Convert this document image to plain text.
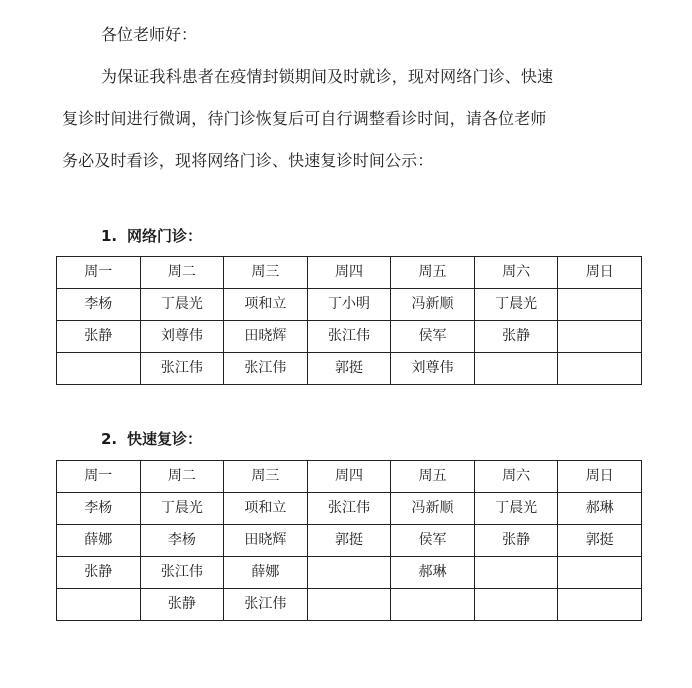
各位老师好：
为保证我科患者在疫情封锁期间及时就诊，现对网络门诊、快速
复诊时间进行微调，待门诊恢复后可自行调整看诊时间，请各位老师
务必及时看诊，现将网络门诊、快速复诊时间公示：
1. 网络门诊：
周一	周二	周三	周四	周五	周六	周日
李杨	丁晨光	项和立	丁小明	冯新顺	丁晨光	
张静	刘尊伟	田晓辉	张江伟	侯军	张静	
	张江伟	张江伟	郭挺	刘尊伟		
2. 快速复诊：
周一	周二	周三	周四	周五	周六	周日
李杨	丁晨光	项和立	张江伟	冯新顺	丁晨光	郝琳
薛娜	李杨	田晓辉	郭挺	侯军	张静	郭挺
张静	张江伟	薛娜		郝琳		
	张静	张江伟				
